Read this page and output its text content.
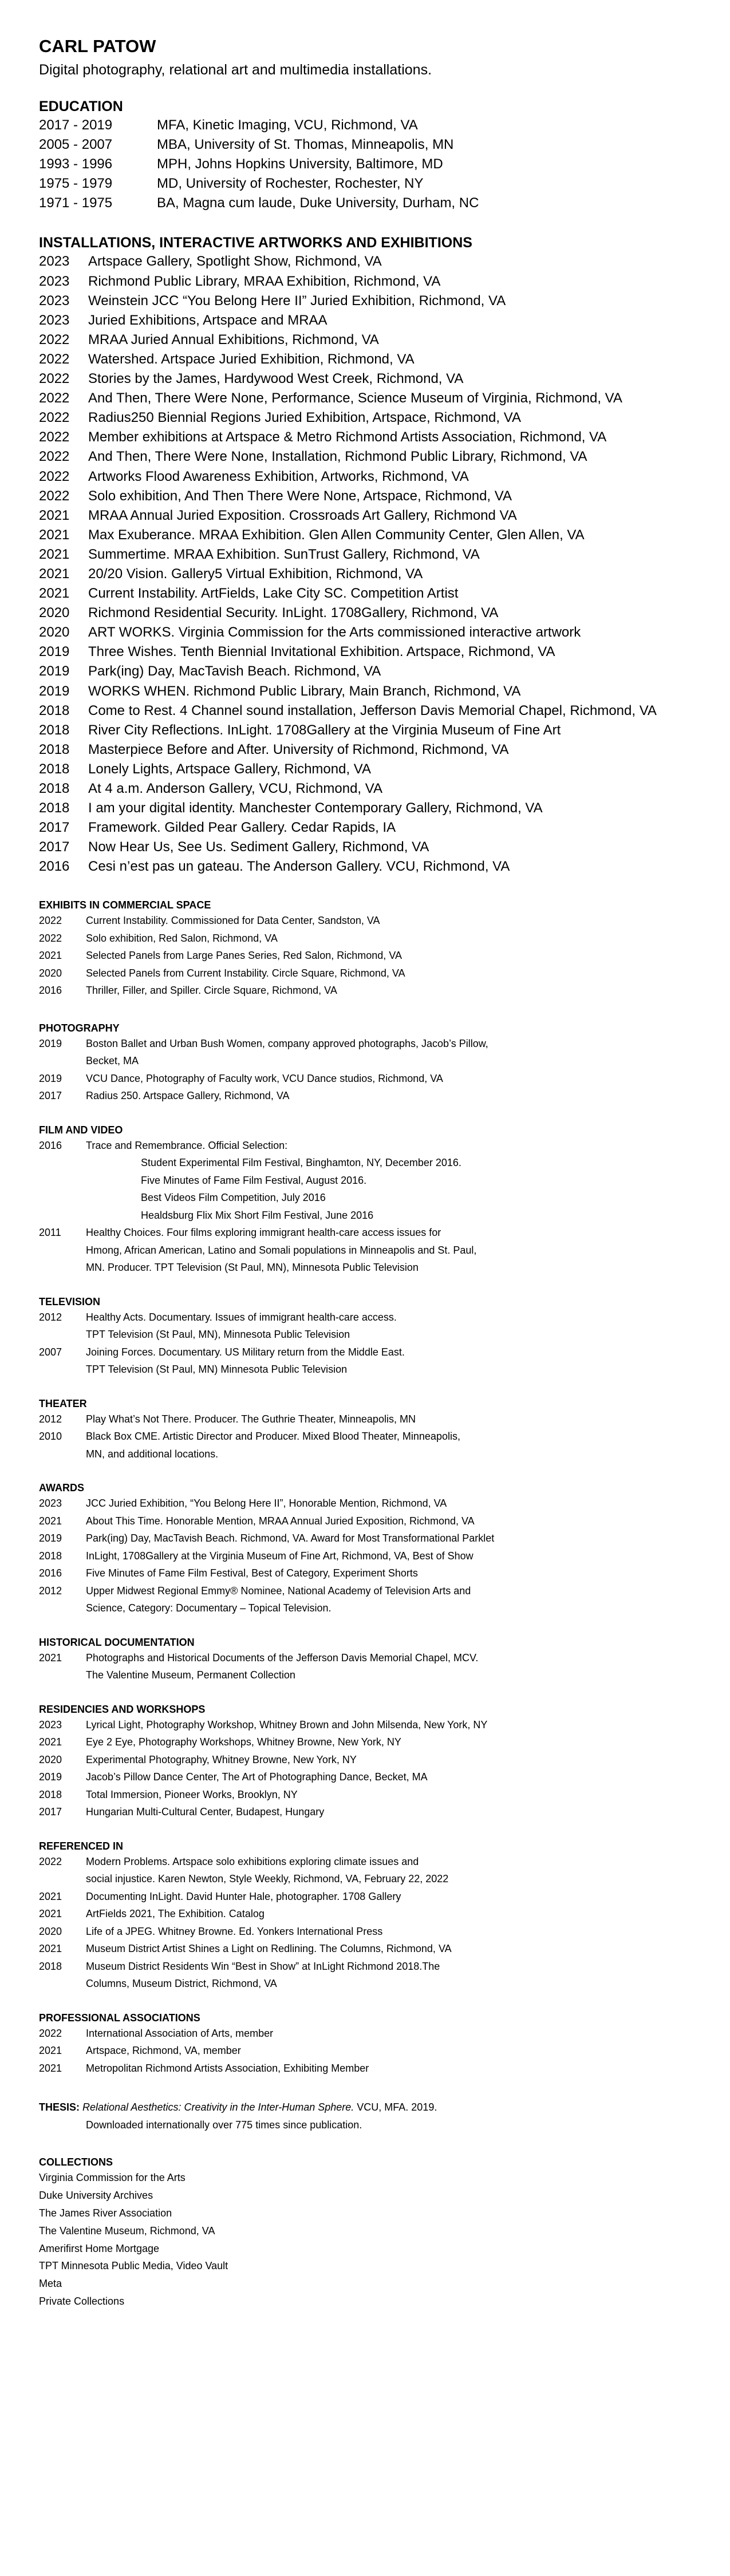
CARL PATOW

Digital photography, relational art and multimedia installations.

EDUCATION
2017 - 2019	MFA, Kinetic Imaging, VCU, Richmond, VA
2005 - 2007	MBA, University of St. Thomas, Minneapolis, MN
1993 - 1996	MPH, Johns Hopkins University, Baltimore, MD
1975 - 1979	MD, University of Rochester, Rochester, NY
1971 - 1975	BA, Magna cum laude, Duke University, Durham, NC
INSTALLATIONS, INTERACTIVE ARTWORKS AND EXHIBITIONS
2023	Artspace Gallery, Spotlight Show, Richmond, VA
2023	Richmond Public Library, MRAA Exhibition, Richmond, VA
2023	Weinstein JCC “You Belong Here II” Juried Exhibition, Richmond, VA
2023	Juried Exhibitions, Artspace and MRAA
2022	MRAA Juried Annual Exhibitions, Richmond, VA
2022	Watershed. Artspace Juried Exhibition, Richmond, VA
2022	Stories by the James, Hardywood West Creek, Richmond, VA
2022	And Then, There Were None, Performance, Science Museum of Virginia, Richmond, VA
2022	Radius250 Biennial Regions Juried Exhibition, Artspace, Richmond, VA
2022	Member exhibitions at Artspace & Metro Richmond Artists Association, Richmond, VA
2022	And Then, There Were None, Installation, Richmond Public Library, Richmond, VA
2022	Artworks Flood Awareness Exhibition, Artworks, Richmond, VA
2022	Solo exhibition, And Then There Were None, Artspace, Richmond, VA
2021	MRAA Annual Juried Exposition. Crossroads Art Gallery, Richmond VA
2021	Max Exuberance. MRAA Exhibition. Glen Allen Community Center, Glen Allen, VA
2021	Summertime. MRAA Exhibition. SunTrust Gallery, Richmond, VA
2021	20/20 Vision. Gallery5 Virtual Exhibition, Richmond, VA
2021	Current Instability. ArtFields, Lake City SC. Competition Artist
2020	Richmond Residential Security. InLight. 1708Gallery, Richmond, VA
2020	ART WORKS. Virginia Commission for the Arts commissioned interactive artwork
2019	Three Wishes. Tenth Biennial Invitational Exhibition. Artspace, Richmond, VA
2019	Park(ing) Day, MacTavish Beach. Richmond, VA
2019	WORKS WHEN. Richmond Public Library, Main Branch, Richmond, VA
2018	Come to Rest. 4 Channel sound installation, Jefferson Davis Memorial Chapel, Richmond, VA
2018	River City Reflections. InLight. 1708Gallery at the Virginia Museum of Fine Art
2018	Masterpiece Before and After. University of Richmond, Richmond, VA
2018	Lonely Lights, Artspace Gallery, Richmond, VA
2018	At 4 a.m. Anderson Gallery, VCU, Richmond, VA
2018	I am your digital identity. Manchester Contemporary Gallery, Richmond, VA
2017	Framework. Gilded Pear Gallery. Cedar Rapids, IA
2017	Now Hear Us, See Us. Sediment Gallery, Richmond, VA
2016	Cesi n’est pas un gateau. The Anderson Gallery. VCU, Richmond, VA
EXHIBITS IN COMMERCIAL SPACE
2022	Current Instability. Commissioned for Data Center, Sandston, VA
2022	Solo exhibition, Red Salon, Richmond, VA
2021	Selected Panels from Large Panes Series, Red Salon, Richmond, VA
2020	Selected Panels from Current Instability. Circle Square, Richmond, VA
2016	Thriller, Filler, and Spiller. Circle Square, Richmond, VA
PHOTOGRAPHY
2019	Boston Ballet and Urban Bush Women, company approved photographs, Jacob’s Pillow,
Becket, MA
2019	VCU Dance, Photography of Faculty work, VCU Dance studios, Richmond, VA
2017	Radius 250. Artspace Gallery, Richmond, VA
FILM AND VIDEO
2016	Trace and Remembrance. Official Selection:
Student Experimental Film Festival, Binghamton, NY, December 2016.
Five Minutes of Fame Film Festival, August 2016.
Best Videos Film Competition, July 2016
Healdsburg Flix Mix Short Film Festival, June 2016
2011	Healthy Choices. Four films exploring immigrant health-care access issues for
Hmong, African American, Latino and Somali populations in Minneapolis and St. Paul,
MN. Producer. TPT Television (St Paul, MN), Minnesota Public Television
TELEVISION
2012	Healthy Acts. Documentary. Issues of immigrant health-care access.
TPT Television (St Paul, MN), Minnesota Public Television
2007	Joining Forces. Documentary. US Military return from the Middle East.
TPT Television (St Paul, MN) Minnesota Public Television
THEATER
2012	Play What’s Not There. Producer. The Guthrie Theater, Minneapolis, MN
2010	Black Box CME. Artistic Director and Producer. Mixed Blood Theater, Minneapolis,
MN, and additional locations.
AWARDS
2023	JCC Juried Exhibition, “You Belong Here II”, Honorable Mention, Richmond, VA
2021	About This Time. Honorable Mention, MRAA Annual Juried Exposition, Richmond, VA
2019	Park(ing) Day, MacTavish Beach. Richmond, VA. Award for Most Transformational Parklet
2018	InLight, 1708Gallery at the Virginia Museum of Fine Art, Richmond, VA, Best of Show
2016	Five Minutes of Fame Film Festival, Best of Category, Experiment Shorts
2012	Upper Midwest Regional Emmy® Nominee, National Academy of Television Arts and
Science, Category: Documentary – Topical Television.
HISTORICAL DOCUMENTATION
2021	Photographs and Historical Documents of the Jefferson Davis Memorial Chapel, MCV.
The Valentine Museum, Permanent Collection
RESIDENCIES AND WORKSHOPS
2023	Lyrical Light, Photography Workshop, Whitney Brown and John Milsenda, New York, NY
2021	Eye 2 Eye, Photography Workshops, Whitney Browne, New York, NY
2020	Experimental Photography, Whitney Browne, New York, NY
2019	Jacob’s Pillow Dance Center, The Art of Photographing Dance, Becket, MA
2018	Total Immersion, Pioneer Works, Brooklyn, NY
2017	Hungarian Multi-Cultural Center, Budapest, Hungary
REFERENCED IN
2022	Modern Problems. Artspace solo exhibitions exploring climate issues and
social injustice. Karen Newton, Style Weekly, Richmond, VA, February 22, 2022
2021	Documenting InLight. David Hunter Hale, photographer. 1708 Gallery
2021	ArtFields 2021, The Exhibition. Catalog
2020	Life of a JPEG. Whitney Browne. Ed. Yonkers International Press
2021	Museum District Artist Shines a Light on Redlining. The Columns, Richmond, VA
2018	Museum District Residents Win “Best in Show” at InLight Richmond 2018.The
Columns, Museum District, Richmond, VA
PROFESSIONAL ASSOCIATIONS
2022	International Association of Arts, member
2021	Artspace, Richmond, VA, member
2021	Metropolitan Richmond Artists Association, Exhibiting Member

THESIS: Relational Aesthetics: Creativity in the Inter-Human Sphere. VCU, MFA. 2019.

Downloaded internationally over 775 times since publication.

COLLECTIONS
Virginia Commission for the Arts
Duke University Archives
The James River Association
The Valentine Museum, Richmond, VA
Amerifirst Home Mortgage
TPT Minnesota Public Media, Video Vault
Meta
Private Collections
